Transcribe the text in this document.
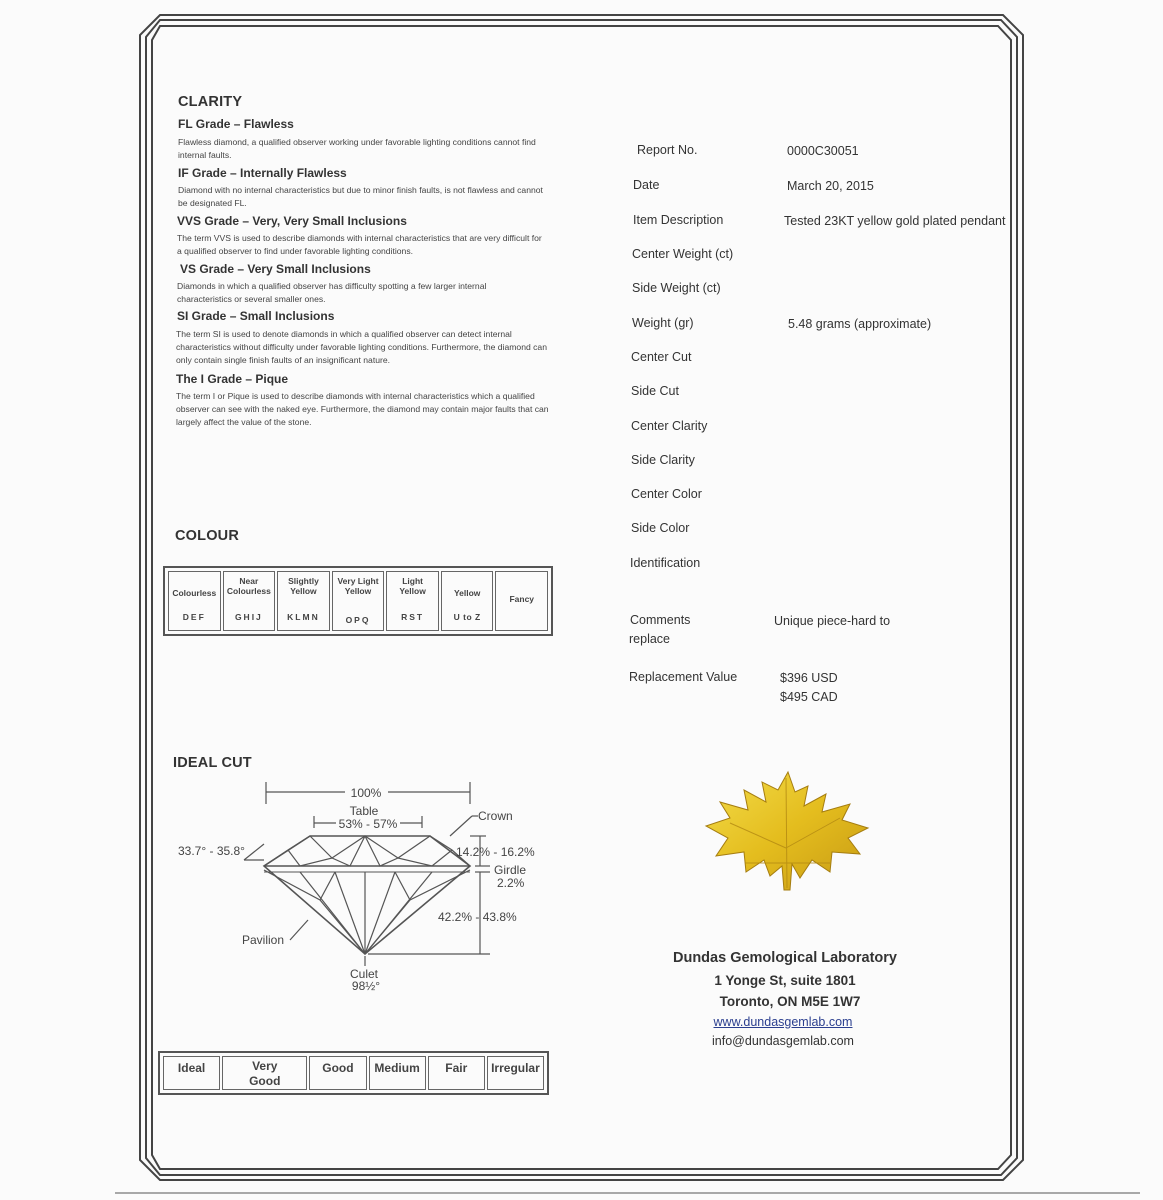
CLARITY
FL Grade – Flawless
Flawless diamond, a qualified observer working under favorable lighting conditions cannot find internal faults.
IF Grade – Internally Flawless
Diamond with no internal characteristics but due to minor finish faults, is not flawless and cannot be designated FL.
VVS Grade – Very, Very Small Inclusions
The term VVS is used to describe diamonds with internal characteristics that are very difficult for a qualified observer to find under favorable lighting conditions.
VS Grade – Very Small Inclusions
Diamonds in which a qualified observer has difficulty spotting a few larger internal characteristics or several smaller ones.
SI Grade – Small Inclusions
The term SI is used to denote diamonds in which a qualified observer can detect internal characteristics without difficulty under favorable lighting conditions. Furthermore, the diamond can only contain single finish faults of an insignificant nature.
The I Grade – Pique
The term I or Pique is used to describe diamonds with internal characteristics which a qualified observer can see with the naked eye. Furthermore, the diamond may contain major faults that can largely affect the value of the stone.
COLOUR
Colourless
DEF
Near Colourless
GHIJ
Slightly Yellow
KLMN
Very Light Yellow
OPQ
Light Yellow
RST
Yellow
U to Z
Fancy
IDEAL CUT
100%
Table
53% - 57%
Crown
33.7° - 35.8°	14.2% - 16.2%
Girdle
2.2%
42.2% - 43.8%
Pavilion
Culet
98½°
Ideal	Very Good
Good	Medium	Fair	Irregular
Report No.	0000C30051
Date	March 20, 2015
Item Description	Tested 23KT yellow gold plated pendant
Center Weight (ct)
Side Weight (ct)
Weight (gr)	5.48 grams (approximate)
Center Cut
Side Cut
Center Clarity
Side Clarity
Center Color
Side Color
Identification
Comments
replace
Unique piece-hard to
Replacement Value	$396 USD
$495 CAD
Dundas Gemological Laboratory
1 Yonge St, suite 1801
Toronto, ON M5E 1W7
www.dundasgemlab.com
info@dundasgemlab.com
